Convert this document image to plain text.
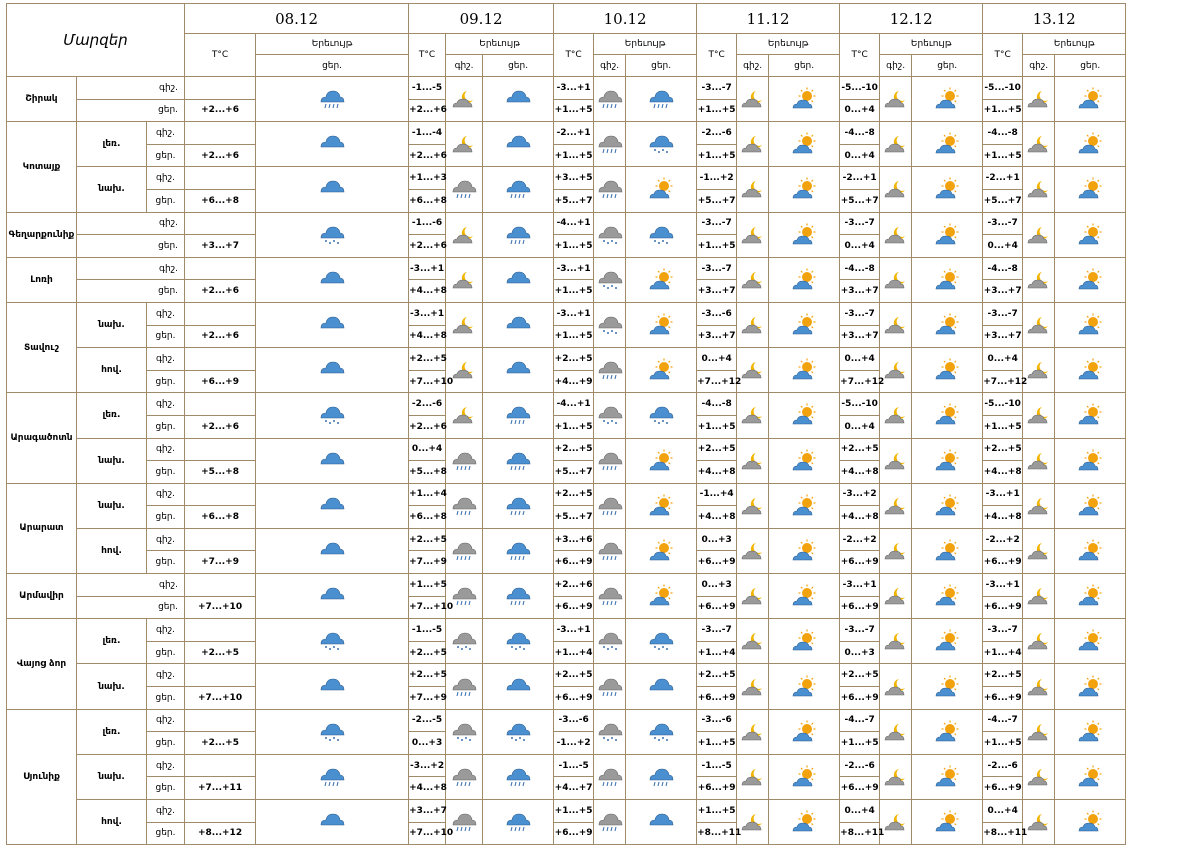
Մարզեր			08.12		09.12			10.12			11.12			12.12			13.12		
			T°C	Երեւույթ	T°C	Երեւույթ		T°C	Երեւույթ		T°C	Երեւույթ		T°C	Երեւույթ		T°C	Երեւույթ	
				ցեր.		գիշ.	ցեր.		գիշ.	ցեր.		գիշ.	ցեր.		գիշ.	ցեր.		գիշ.	ցեր.
Շիրակ	գիշ.				-1...-5			-3...+1			-3...-7			-5...-10			-5...-10		
	ցեր.		+2...+6		+2...+6			+1...+5			+1...+5			0...+4			+1...+5		
Կոտայք	լեռ.	գիշ.			-1...-4			-2...+1			-2...-6			-4...-8			-4...-8		
		ցեր.	+2...+6		+2...+6			+1...+5			+1...+5			0...+4			+1...+5		
	նախ.	գիշ.			+1...+3			+3...+5			-1...+2			-2...+1			-2...+1		
		ցեր.	+6...+8		+6...+8			+5...+7			+5...+7			+5...+7			+5...+7		
Գեղարքունիք	գիշ.				-1...-6			-4...+1			-3...-7			-3...-7			-3...-7		
	ցեր.		+3...+7		+2...+6			+1...+5			+1...+5			0...+4			0...+4		
Լոռի	գիշ.				-3...+1			-3...+1			-3...-7			-4...-8			-4...-8		
	ցեր.		+2...+6		+4...+8			+1...+5			+3...+7			+3...+7			+3...+7		
Տավուշ	նախ.	գիշ.			-3...+1			-3...+1			-3...-6			-3...-7			-3...-7		
		ցեր.	+2...+6		+4...+8			+1...+5			+3...+7			+3...+7			+3...+7		
	հով.	գիշ.			+2...+5			+2...+5			0...+4			0...+4			0...+4		
		ցեր.	+6...+9		+7...+10			+4...+9			+7...+12			+7...+12			+7...+12		
Արագածոտն	լեռ.	գիշ.			-2...-6			-4...+1			-4...-8			-5...-10			-5...-10		
		ցեր.	+2...+6		+2...+6			+1...+5			+1...+5			0...+4			+1...+5		
	նախ.	գիշ.			0...+4			+2...+5			+2...+5			+2...+5			+2...+5		
		ցեր.	+5...+8		+5...+8			+5...+7			+4...+8			+4...+8			+4...+8		
Արարատ	նախ.	գիշ.			+1...+4			+2...+5			-1...+4			-3...+2			-3...+1		
		ցեր.	+6...+8		+6...+8			+5...+7			+4...+8			+4...+8			+4...+8		
	հով.	գիշ.			+2...+5			+3...+6			0...+3			-2...+2			-2...+2		
		ցեր.	+7...+9		+7...+9			+6...+9			+6...+9			+6...+9			+6...+9		
Արմավիր	գիշ.				+1...+5			+2...+6			0...+3			-3...+1			-3...+1		
	ցեր.		+7...+10		+7...+10			+6...+9			+6...+9			+6...+9			+6...+9		
Վայոց ձոր	լեռ.	գիշ.			-1...-5			-3...+1			-3...-7			-3...-7			-3...-7		
		ցեր.	+2...+5		+2...+5			+1...+4			+1...+4			0...+3			+1...+4		
	նախ.	գիշ.			+2...+5			+2...+5			+2...+5			+2...+5			+2...+5		
		ցեր.	+7...+10		+7...+9			+6...+9			+6...+9			+6...+9			+6...+9		
Սյունիք	լեռ.	գիշ.			-2...-5			-3...-6			-3...-6			-4...-7			-4...-7		
		ցեր.	+2...+5		0...+3			-1...+2			+1...+5			+1...+5			+1...+5		
	նախ.	գիշ.			-3...+2			-1...-5			-1...-5			-2...-6			-2...-6		
		ցեր.	+7...+11		+4...+8			+4...+7			+6...+9			+6...+9			+6...+9		
	հով.	գիշ.			+3...+7			+1...+5			+1...+5			0...+4			0...+4		
		ցեր.	+8...+12		+7...+10			+6...+9			+8...+11			+8...+11			+8...+11		
